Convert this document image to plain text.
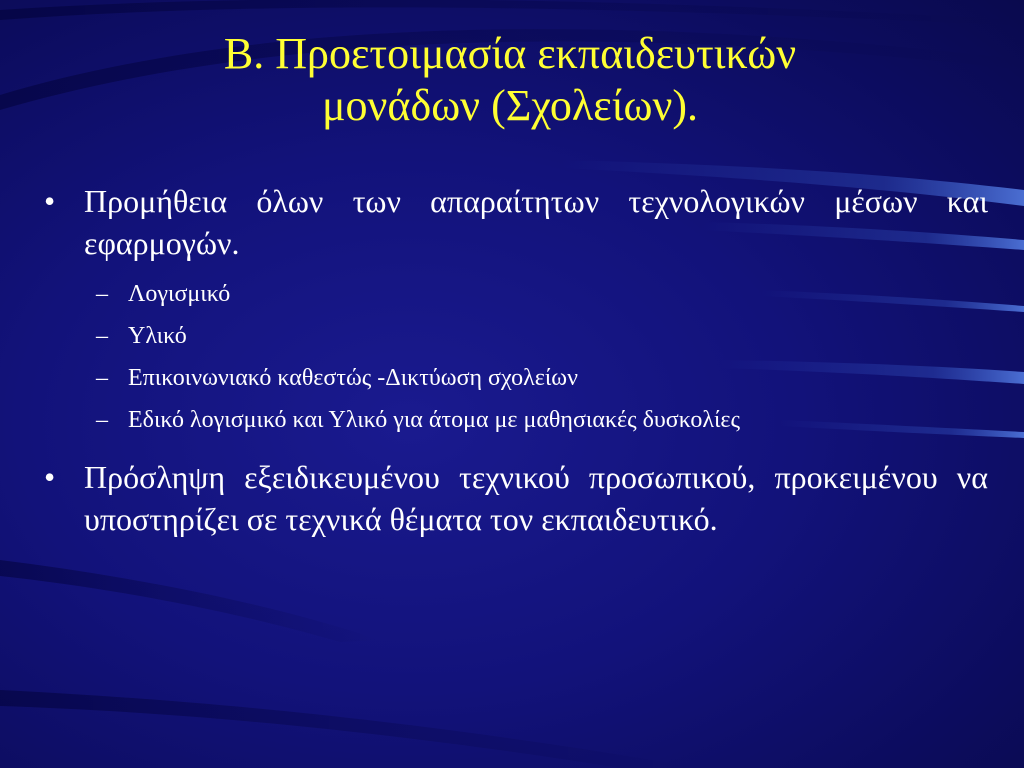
Β. Προετοιμασία εκπαιδευτικών
μονάδων (Σχολείων).
• Προμήθεια όλων των απαραίτητων τεχνολογικών μέσων και εφαρμογών.
– Λογισμικό
– Υλικό
– Επικοινωνιακό καθεστώς -Δικτύωση σχολείων
– Εδικό λογισμικό και Υλικό για άτομα με μαθησιακές δυσκολίες
• Πρόσληψη εξειδικευμένου τεχνικού προσωπικού, προκειμένου να υποστηρίζει σε τεχνικά θέματα τον εκπαιδευτικό.
